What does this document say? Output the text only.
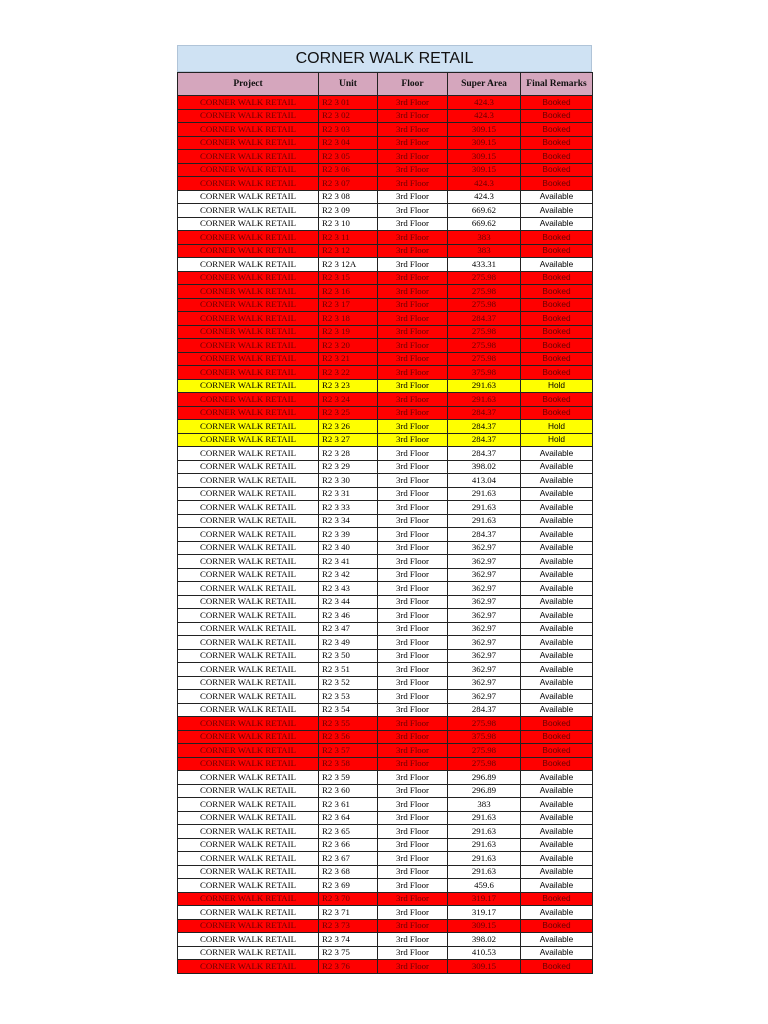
CORNER WALK RETAIL
Project	Unit	Floor	Super Area	Final Remarks
CORNER WALK RETAIL	R2 3 01	3rd Floor	424.3	Booked
CORNER WALK RETAIL	R2 3 02	3rd Floor	424.3	Booked
CORNER WALK RETAIL	R2 3 03	3rd Floor	309.15	Booked
CORNER WALK RETAIL	R2 3 04	3rd Floor	309.15	Booked
CORNER WALK RETAIL	R2 3 05	3rd Floor	309.15	Booked
CORNER WALK RETAIL	R2 3 06	3rd Floor	309.15	Booked
CORNER WALK RETAIL	R2 3 07	3rd Floor	424.3	Booked
CORNER WALK RETAIL	R2 3 08	3rd Floor	424.3	Available
CORNER WALK RETAIL	R2 3 09	3rd Floor	669.62	Available
CORNER WALK RETAIL	R2 3 10	3rd Floor	669.62	Available
CORNER WALK RETAIL	R2 3 11	3rd Floor	383	Booked
CORNER WALK RETAIL	R2 3 12	3rd Floor	383	Booked
CORNER WALK RETAIL	R2 3 12A	3rd Floor	433.31	Available
CORNER WALK RETAIL	R2 3 15	3rd Floor	275.98	Booked
CORNER WALK RETAIL	R2 3 16	3rd Floor	275.98	Booked
CORNER WALK RETAIL	R2 3 17	3rd Floor	275.98	Booked
CORNER WALK RETAIL	R2 3 18	3rd Floor	284.37	Booked
CORNER WALK RETAIL	R2 3 19	3rd Floor	275.98	Booked
CORNER WALK RETAIL	R2 3 20	3rd Floor	275.98	Booked
CORNER WALK RETAIL	R2 3 21	3rd Floor	275.98	Booked
CORNER WALK RETAIL	R2 3 22	3rd Floor	375.98	Booked
CORNER WALK RETAIL	R2 3 23	3rd Floor	291.63	Hold
CORNER WALK RETAIL	R2 3 24	3rd Floor	291.63	Booked
CORNER WALK RETAIL	R2 3 25	3rd Floor	284.37	Booked
CORNER WALK RETAIL	R2 3 26	3rd Floor	284.37	Hold
CORNER WALK RETAIL	R2 3 27	3rd Floor	284.37	Hold
CORNER WALK RETAIL	R2 3 28	3rd Floor	284.37	Available
CORNER WALK RETAIL	R2 3 29	3rd Floor	398.02	Available
CORNER WALK RETAIL	R2 3 30	3rd Floor	413.04	Available
CORNER WALK RETAIL	R2 3 31	3rd Floor	291.63	Available
CORNER WALK RETAIL	R2 3 33	3rd Floor	291.63	Available
CORNER WALK RETAIL	R2 3 34	3rd Floor	291.63	Available
CORNER WALK RETAIL	R2 3 39	3rd Floor	284.37	Available
CORNER WALK RETAIL	R2 3 40	3rd Floor	362.97	Available
CORNER WALK RETAIL	R2 3 41	3rd Floor	362.97	Available
CORNER WALK RETAIL	R2 3 42	3rd Floor	362.97	Available
CORNER WALK RETAIL	R2 3 43	3rd Floor	362.97	Available
CORNER WALK RETAIL	R2 3 44	3rd Floor	362.97	Available
CORNER WALK RETAIL	R2 3 46	3rd Floor	362.97	Available
CORNER WALK RETAIL	R2 3 47	3rd Floor	362.97	Available
CORNER WALK RETAIL	R2 3 49	3rd Floor	362.97	Available
CORNER WALK RETAIL	R2 3 50	3rd Floor	362.97	Available
CORNER WALK RETAIL	R2 3 51	3rd Floor	362.97	Available
CORNER WALK RETAIL	R2 3 52	3rd Floor	362.97	Available
CORNER WALK RETAIL	R2 3 53	3rd Floor	362.97	Available
CORNER WALK RETAIL	R2 3 54	3rd Floor	284.37	Available
CORNER WALK RETAIL	R2 3 55	3rd Floor	275.98	Booked
CORNER WALK RETAIL	R2 3 56	3rd Floor	375.98	Booked
CORNER WALK RETAIL	R2 3 57	3rd Floor	275.98	Booked
CORNER WALK RETAIL	R2 3 58	3rd Floor	275.98	Booked
CORNER WALK RETAIL	R2 3 59	3rd Floor	296.89	Available
CORNER WALK RETAIL	R2 3 60	3rd Floor	296.89	Available
CORNER WALK RETAIL	R2 3 61	3rd Floor	383	Available
CORNER WALK RETAIL	R2 3 64	3rd Floor	291.63	Available
CORNER WALK RETAIL	R2 3 65	3rd Floor	291.63	Available
CORNER WALK RETAIL	R2 3 66	3rd Floor	291.63	Available
CORNER WALK RETAIL	R2 3 67	3rd Floor	291.63	Available
CORNER WALK RETAIL	R2 3 68	3rd Floor	291.63	Available
CORNER WALK RETAIL	R2 3 69	3rd Floor	459.6	Available
CORNER WALK RETAIL	R2 3 70	3rd Floor	319.17	Booked
CORNER WALK RETAIL	R2 3 71	3rd Floor	319.17	Available
CORNER WALK RETAIL	R2 3 73	3rd Floor	309.15	Booked
CORNER WALK RETAIL	R2 3 74	3rd Floor	398.02	Available
CORNER WALK RETAIL	R2 3 75	3rd Floor	410.53	Available
CORNER WALK RETAIL	R2 3 76	3rd Floor	309.15	Booked
